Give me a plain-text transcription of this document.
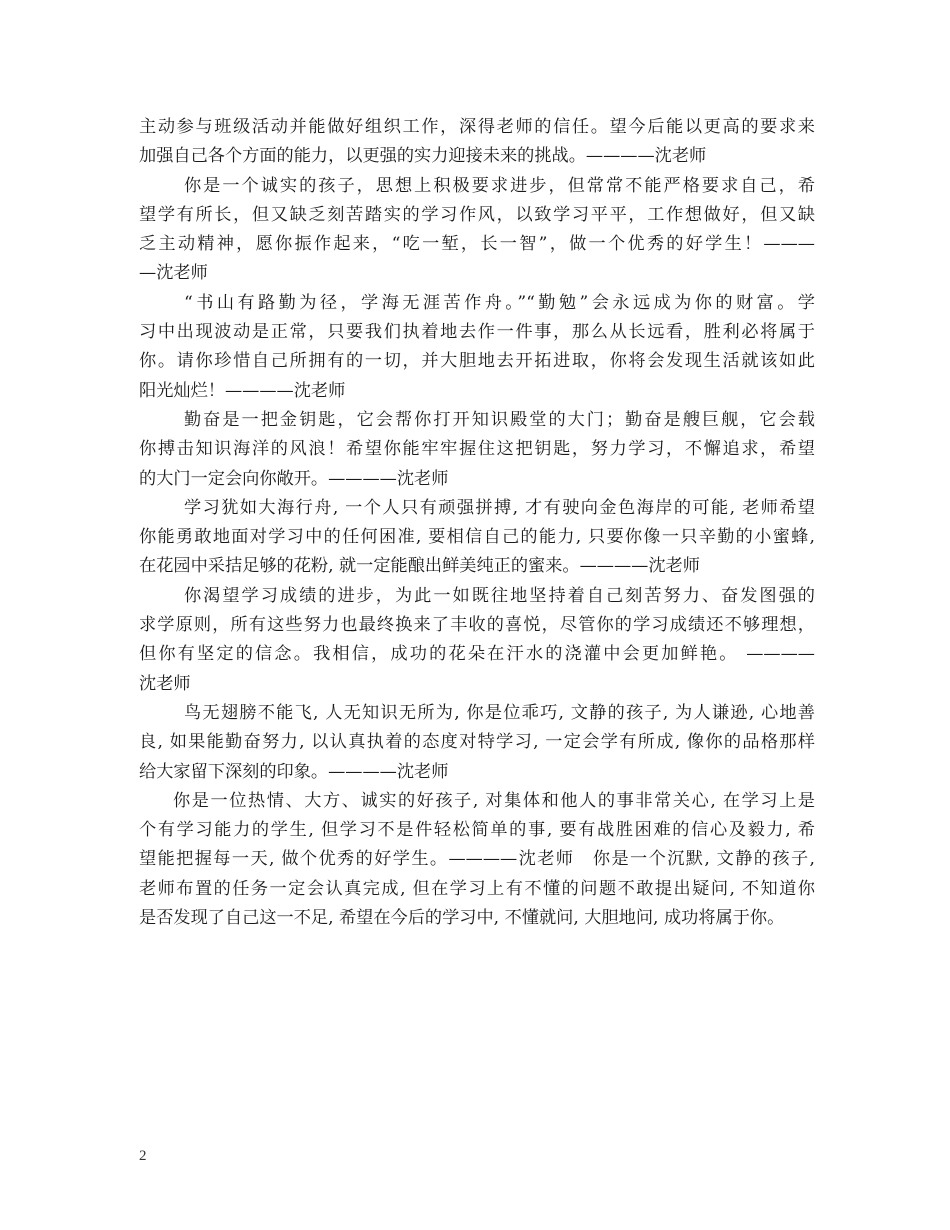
主动参与班级活动并能做好组织工作，深得老师的信任。望今后能以更高的要求来
加强自己各个方面的能力，以更强的实力迎接未来的挑战。————沈老师
你是一个诚实的孩子，思想上积极要求进步，但常常不能严格要求自己，希
望学有所长，但又缺乏刻苦踏实的学习作风，以致学习平平，工作想做好，但又缺
乏主动精神，愿你振作起来，“吃一堑，长一智”，做一个优秀的好学生！———
—沈老师
“书山有路勤为径，学海无涯苦作舟。”“勤勉”会永远成为你的财富。学
习中出现波动是正常，只要我们执着地去作一件事，那么从长远看，胜利必将属于
你。请你珍惜自己所拥有的一切，并大胆地去开拓进取，你将会发现生活就该如此
阳光灿烂！————沈老师
勤奋是一把金钥匙，它会帮你打开知识殿堂的大门；勤奋是艘巨舰，它会载
你搏击知识海洋的风浪！希望你能牢牢握住这把钥匙，努力学习，不懈追求，希望
的大门一定会向你敞开。————沈老师
学习犹如大海行舟, 一个人只有顽强拼搏, 才有驶向金色海岸的可能, 老师希望
你能勇敢地面对学习中的任何困准, 要相信自己的能力, 只要你像一只辛勤的小蜜蜂,
在花园中采拮足够的花粉, 就一定能酿出鲜美纯正的蜜来。————沈老师
你渴望学习成绩的进步，为此一如既往地坚持着自己刻苦努力、奋发图强的
求学原则，所有这些努力也最终换来了丰收的喜悦，尽管你的学习成绩还不够理想，
但你有坚定的信念。我相信，成功的花朵在汗水的浇灌中会更加鲜艳。 ————
沈老师
鸟无翅膀不能飞, 人无知识无所为, 你是位乖巧, 文静的孩子, 为人谦逊, 心地善
良, 如果能勤奋努力, 以认真执着的态度对特学习, 一定会学有所成, 像你的品格那样
给大家留下深刻的印象。————沈老师
你是一位热情、大方、诚实的好孩子, 对集体和他人的事非常关心, 在学习上是
个有学习能力的学生, 但学习不是件轻松简单的事, 要有战胜困难的信心及毅力, 希
望能把握每一天, 做个优秀的好学生。————沈老师　你是一个沉默, 文静的孩子,
老师布置的任务一定会认真完成, 但在学习上有不懂的问题不敢提出疑问, 不知道你
是否发现了自己这一不足, 希望在今后的学习中, 不懂就问, 大胆地问, 成功将属于你。
2
